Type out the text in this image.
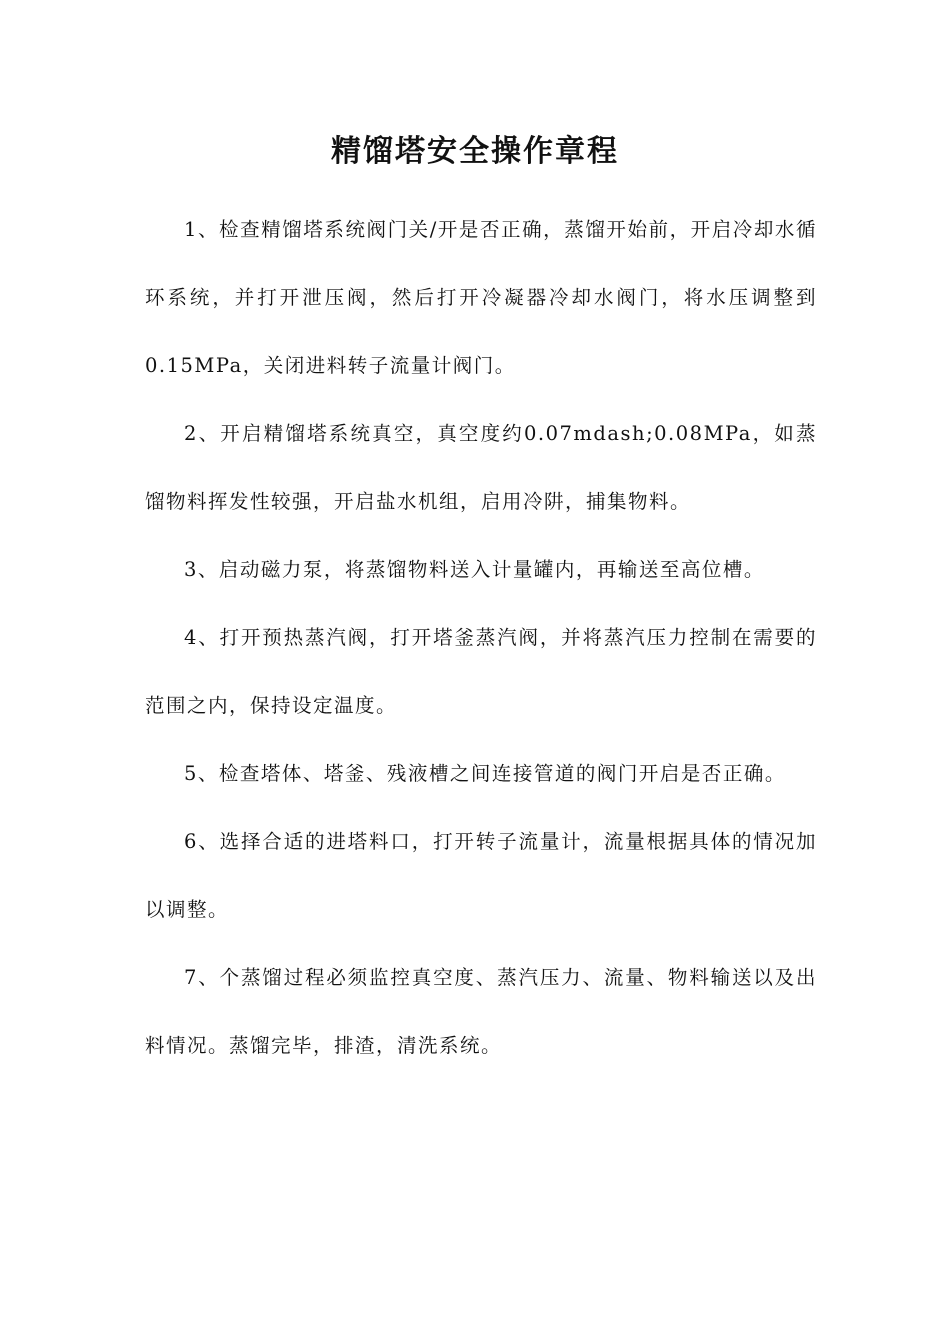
精馏塔安全操作章程

1、检查精馏塔系统阀门关/开是否正确，蒸馏开始前，开启冷却水循环系统，并打开泄压阀，然后打开冷凝器冷却水阀门，将水压调整到0.15MPa，关闭进料转子流量计阀门。

2、开启精馏塔系统真空，真空度约0.07mdash;0.08MPa，如蒸馏物料挥发性较强，开启盐水机组，启用冷阱，捕集物料。

3、启动磁力泵，将蒸馏物料送入计量罐内，再输送至高位槽。

4、打开预热蒸汽阀，打开塔釜蒸汽阀，并将蒸汽压力控制在需要的范围之内，保持设定温度。

5、检查塔体、塔釜、残液槽之间连接管道的阀门开启是否正确。

6、选择合适的进塔料口，打开转子流量计，流量根据具体的情况加以调整。

7、个蒸馏过程必须监控真空度、蒸汽压力、流量、物料输送以及出料情况。蒸馏完毕，排渣，清洗系统。
